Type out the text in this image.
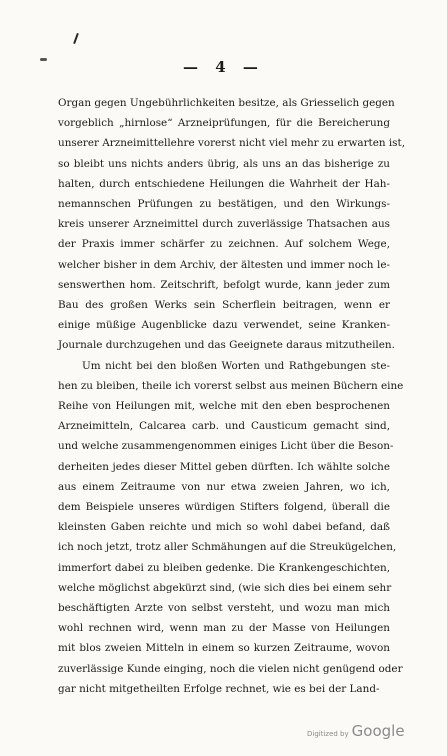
— 4 —
Organ gegen Ungebührlichkeiten besitze, als Griesselich gegen
vorgeblich „hirnlose“ Arzneiprüfungen, für die Bereicherung
unserer Arzneimittellehre vorerst nicht viel mehr zu erwarten ist,
so bleibt uns nichts anders übrig, als uns an das bisherige zu
halten, durch entschiedene Heilungen die Wahrheit der Hah-
nemannschen Prüfungen zu bestätigen, und den Wirkungs-
kreis unserer Arzneimittel durch zuverlässige Thatsachen aus
der Praxis immer schärfer zu zeichnen. Auf solchem Wege,
welcher bisher in dem Archiv, der ältesten und immer noch le-
senswerthen hom. Zeitschrift, befolgt wurde, kann jeder zum
Bau des großen Werks sein Scherflein beitragen, wenn er
einige müßige Augenblicke dazu verwendet, seine Kranken-
Journale durchzugehen und das Geeignete daraus mitzutheilen.
Um nicht bei den bloßen Worten und Rathgebungen ste-
hen zu bleiben, theile ich vorerst selbst aus meinen Büchern eine
Reihe von Heilungen mit, welche mit den eben besprochenen
Arzneimitteln, Calcarea carb. und Causticum gemacht sind,
und welche zusammengenommen einiges Licht über die Beson-
derheiten jedes dieser Mittel geben dürften. Ich wählte solche
aus einem Zeitraume von nur etwa zweien Jahren, wo ich,
dem Beispiele unseres würdigen Stifters folgend, überall die
kleinsten Gaben reichte und mich so wohl dabei befand, daß
ich noch jetzt, trotz aller Schmähungen auf die Streukügelchen,
immerfort dabei zu bleiben gedenke. Die Krankengeschichten,
welche möglichst abgekürzt sind, (wie sich dies bei einem sehr
beschäftigten Arzte von selbst versteht, und wozu man mich
wohl rechnen wird, wenn man zu der Masse von Heilungen
mit blos zweien Mitteln in einem so kurzen Zeitraume, wovon
zuverlässige Kunde einging, noch die vielen nicht genügend oder
gar nicht mitgetheilten Erfolge rechnet, wie es bei der Land-
Digitized by Google
